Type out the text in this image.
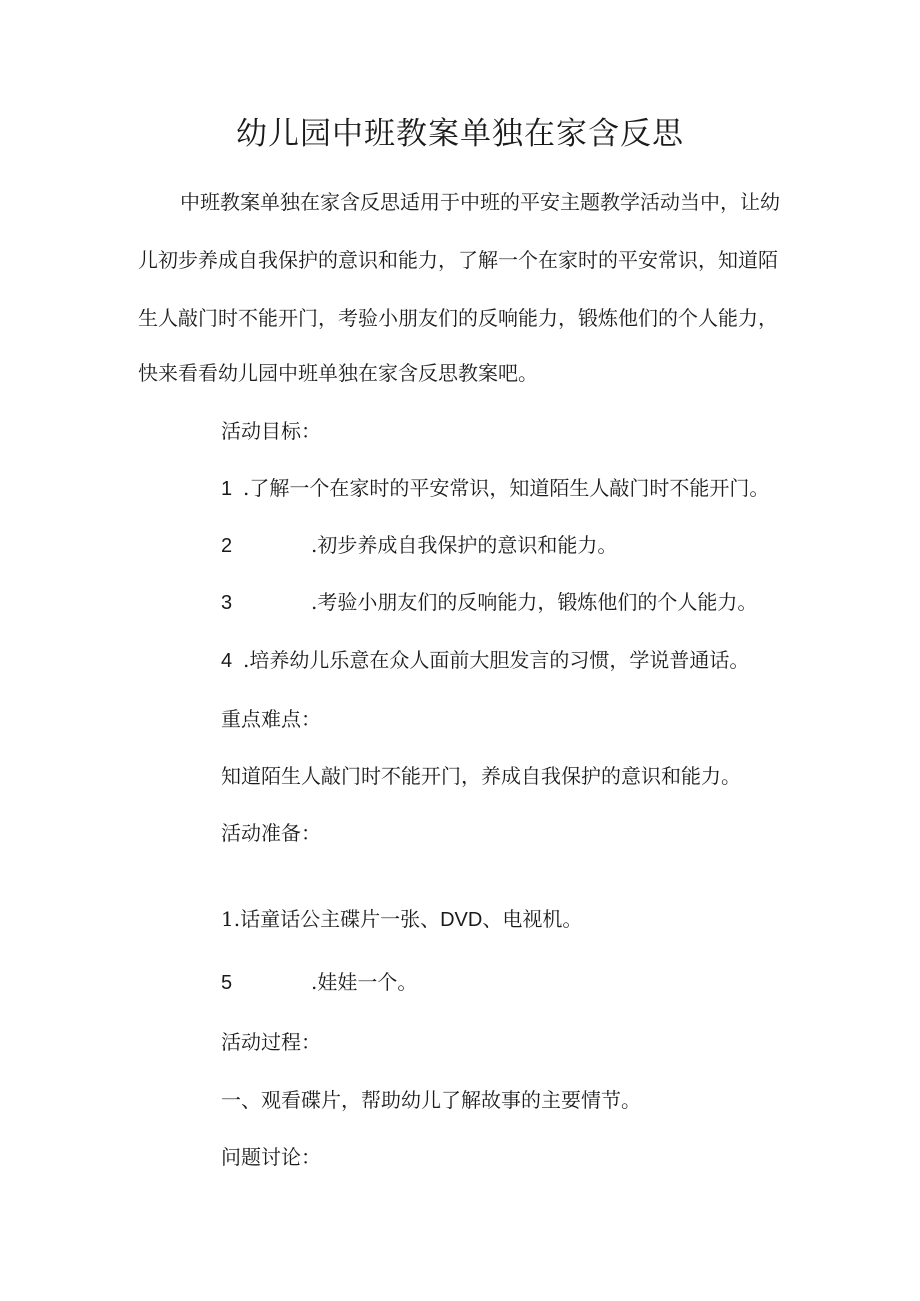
幼儿园中班教案单独在家含反思
中班教案单独在家含反思适用于中班的平安主题教学活动当中，让幼
儿初步养成自我保护的意识和能力，了解一个在家时的平安常识，知道陌
生人敲门时不能开门，考验小朋友们的反响能力，锻炼他们的个人能力，
快来看看幼儿园中班单独在家含反思教案吧。
活动目标：
1 .了解一个在家时的平安常识，知道陌生人敲门时不能开门。
2	.初步养成自我保护的意识和能力。
3	.考验小朋友们的反响能力，锻炼他们的个人能力。
4 .培养幼儿乐意在众人面前大胆发言的习惯，学说普通话。
重点难点：
知道陌生人敲门时不能开门，养成自我保护的意识和能力。
活动准备：
1.话童话公主碟片一张、DVD、电视机。
5	.娃娃一个。
活动过程：
一、观看碟片，帮助幼儿了解故事的主要情节。
问题讨论：
